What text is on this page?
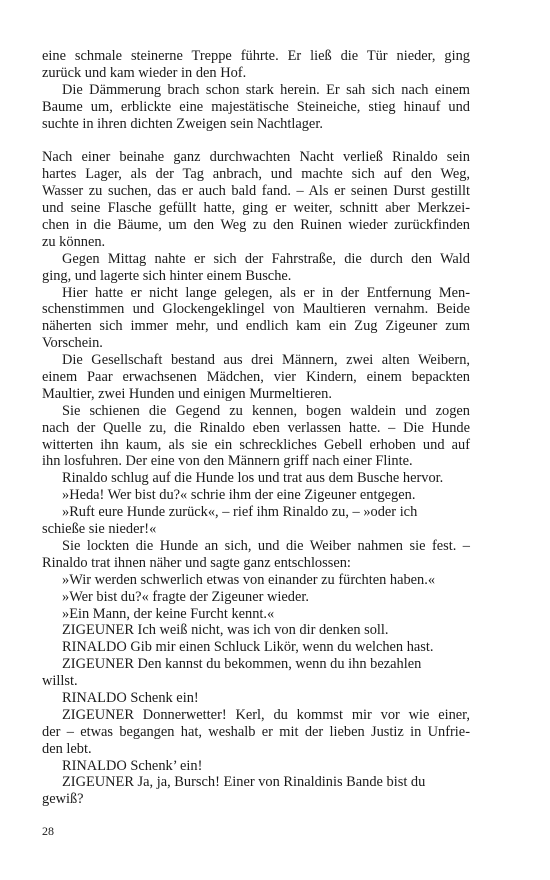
eine schmale steinerne Treppe führte. Er ließ die Tür nieder, ging
zurück und kam wieder in den Hof.
Die Dämmerung brach schon stark herein. Er sah sich nach einem
Baume um, erblickte eine majestätische Steineiche, stieg hinauf und
suchte in ihren dichten Zweigen sein Nachtlager.
Nach einer beinahe ganz durchwachten Nacht verließ Rinaldo sein
hartes Lager, als der Tag anbrach, und machte sich auf den Weg,
Wasser zu suchen, das er auch bald fand. – Als er seinen Durst gestillt
und seine Flasche gefüllt hatte, ging er weiter, schnitt aber Merkzei-
chen in die Bäume, um den Weg zu den Ruinen wieder zurückfinden
zu können.
Gegen Mittag nahte er sich der Fahrstraße, die durch den Wald
ging, und lagerte sich hinter einem Busche.
Hier hatte er nicht lange gelegen, als er in der Entfernung Men-
schenstimmen und Glockengeklingel von Maultieren vernahm. Beide
näherten sich immer mehr, und endlich kam ein Zug Zigeuner zum
Vorschein.
Die Gesellschaft bestand aus drei Männern, zwei alten Weibern,
einem Paar erwachsenen Mädchen, vier Kindern, einem bepackten
Maultier, zwei Hunden und einigen Murmeltieren.
Sie schienen die Gegend zu kennen, bogen waldein und zogen
nach der Quelle zu, die Rinaldo eben verlassen hatte. – Die Hunde
witterten ihn kaum, als sie ein schreckliches Gebell erhoben und auf
ihn losfuhren. Der eine von den Männern griff nach einer Flinte.
Rinaldo schlug auf die Hunde los und trat aus dem Busche hervor.
»Heda! Wer bist du?« schrie ihm der eine Zigeuner entgegen.
»Ruft eure Hunde zurück«, – rief ihm Rinaldo zu, – »oder ich
schieße sie nieder!«
Sie lockten die Hunde an sich, und die Weiber nahmen sie fest. –
Rinaldo trat ihnen näher und sagte ganz entschlossen:
»Wir werden schwerlich etwas von einander zu fürchten haben.«
»Wer bist du?« fragte der Zigeuner wieder.
»Ein Mann, der keine Furcht kennt.«
ZIGEUNER Ich weiß nicht, was ich von dir denken soll.
RINALDO Gib mir einen Schluck Likör, wenn du welchen hast.
ZIGEUNER Den kannst du bekommen, wenn du ihn bezahlen
willst.
RINALDO Schenk ein!
ZIGEUNER Donnerwetter! Kerl, du kommst mir vor wie einer,
der – etwas begangen hat, weshalb er mit der lieben Justiz in Unfrie-
den lebt.
RINALDO Schenk’ ein!
ZIGEUNER Ja, ja, Bursch! Einer von Rinaldinis Bande bist du
gewiß?
28
